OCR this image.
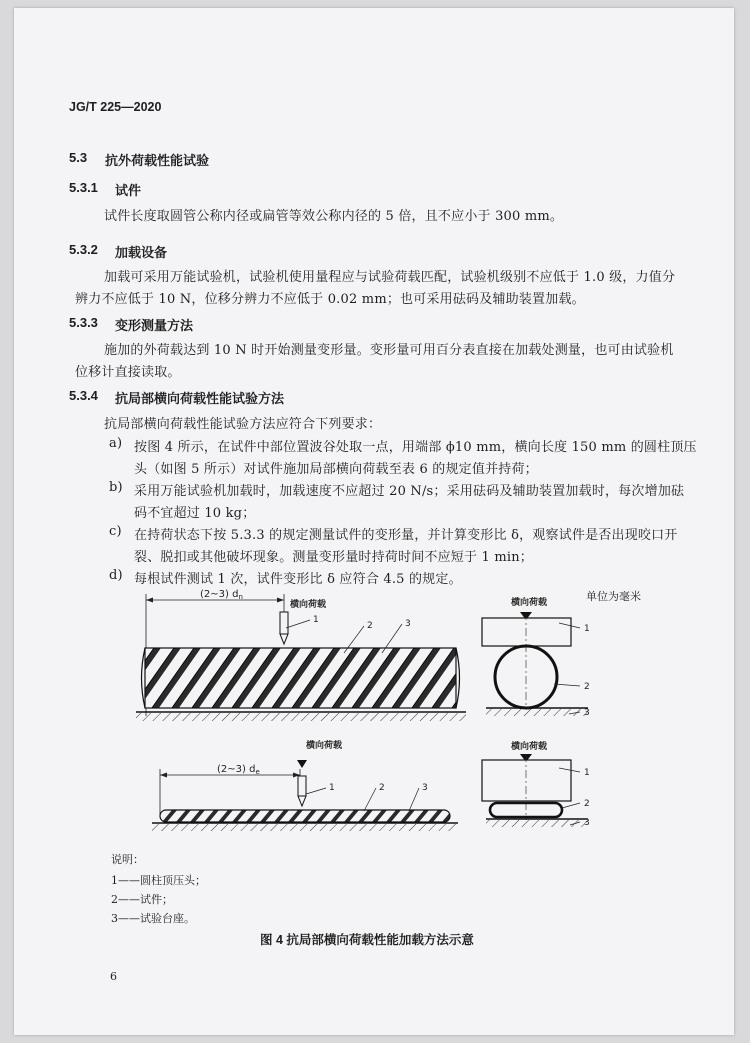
JG/T 225—2020
5.3 抗外荷载性能试验
5.3.1 试件
试件长度取圆管公称内径或扁管等效公称内径的 5 倍，且不应小于 300 mm。
5.3.2 加载设备
加载可采用万能试验机，试验机使用量程应与试验荷载匹配，试验机级别不应低于 1.0 级，力值分
辨力不应低于 10 N，位移分辨力不应低于 0.02 mm；也可采用砝码及辅助装置加载。
5.3.3 变形测量方法
施加的外荷载达到 10 N 时开始测量变形量。变形量可用百分表直接在加载处测量，也可由试验机
位移计直接读取。
5.3.4 抗局部横向荷载性能试验方法
抗局部横向荷载性能试验方法应符合下列要求：
a) 按图 4 所示，在试件中部位置波谷处取一点，用端部 ϕ10 mm，横向长度 150 mm 的圆柱顶压
头（如图 5 所示）对试件施加局部横向荷载至表 6 的规定值并持荷；
b) 采用万能试验机加载时，加载速度不应超过 20 N/s；采用砝码及辅助装置加载时，每次增加砝
码不宜超过 10 kg；
c) 在持荷状态下按 5.3.3 的规定测量试件的变形量，并计算变形比 δ，观察试件是否出现咬口开
裂、脱扣或其他破坏现象。测量变形量时持荷时间不应短于 1 min；
d) 每根试件测试 1 次，试件变形比 δ 应符合 4.5 的规定。
单位为毫米
(2~3) $d_n$
横向荷载
1
2	3
横向荷载
1
2
3
(2~3) $d_e$
横向荷载
1	2	3
横向荷载
1
2
3
说明：
1——圆柱顶压头；
2——试件；
3——试验台座。
图 4 抗局部横向荷载性能加载方法示意
6
